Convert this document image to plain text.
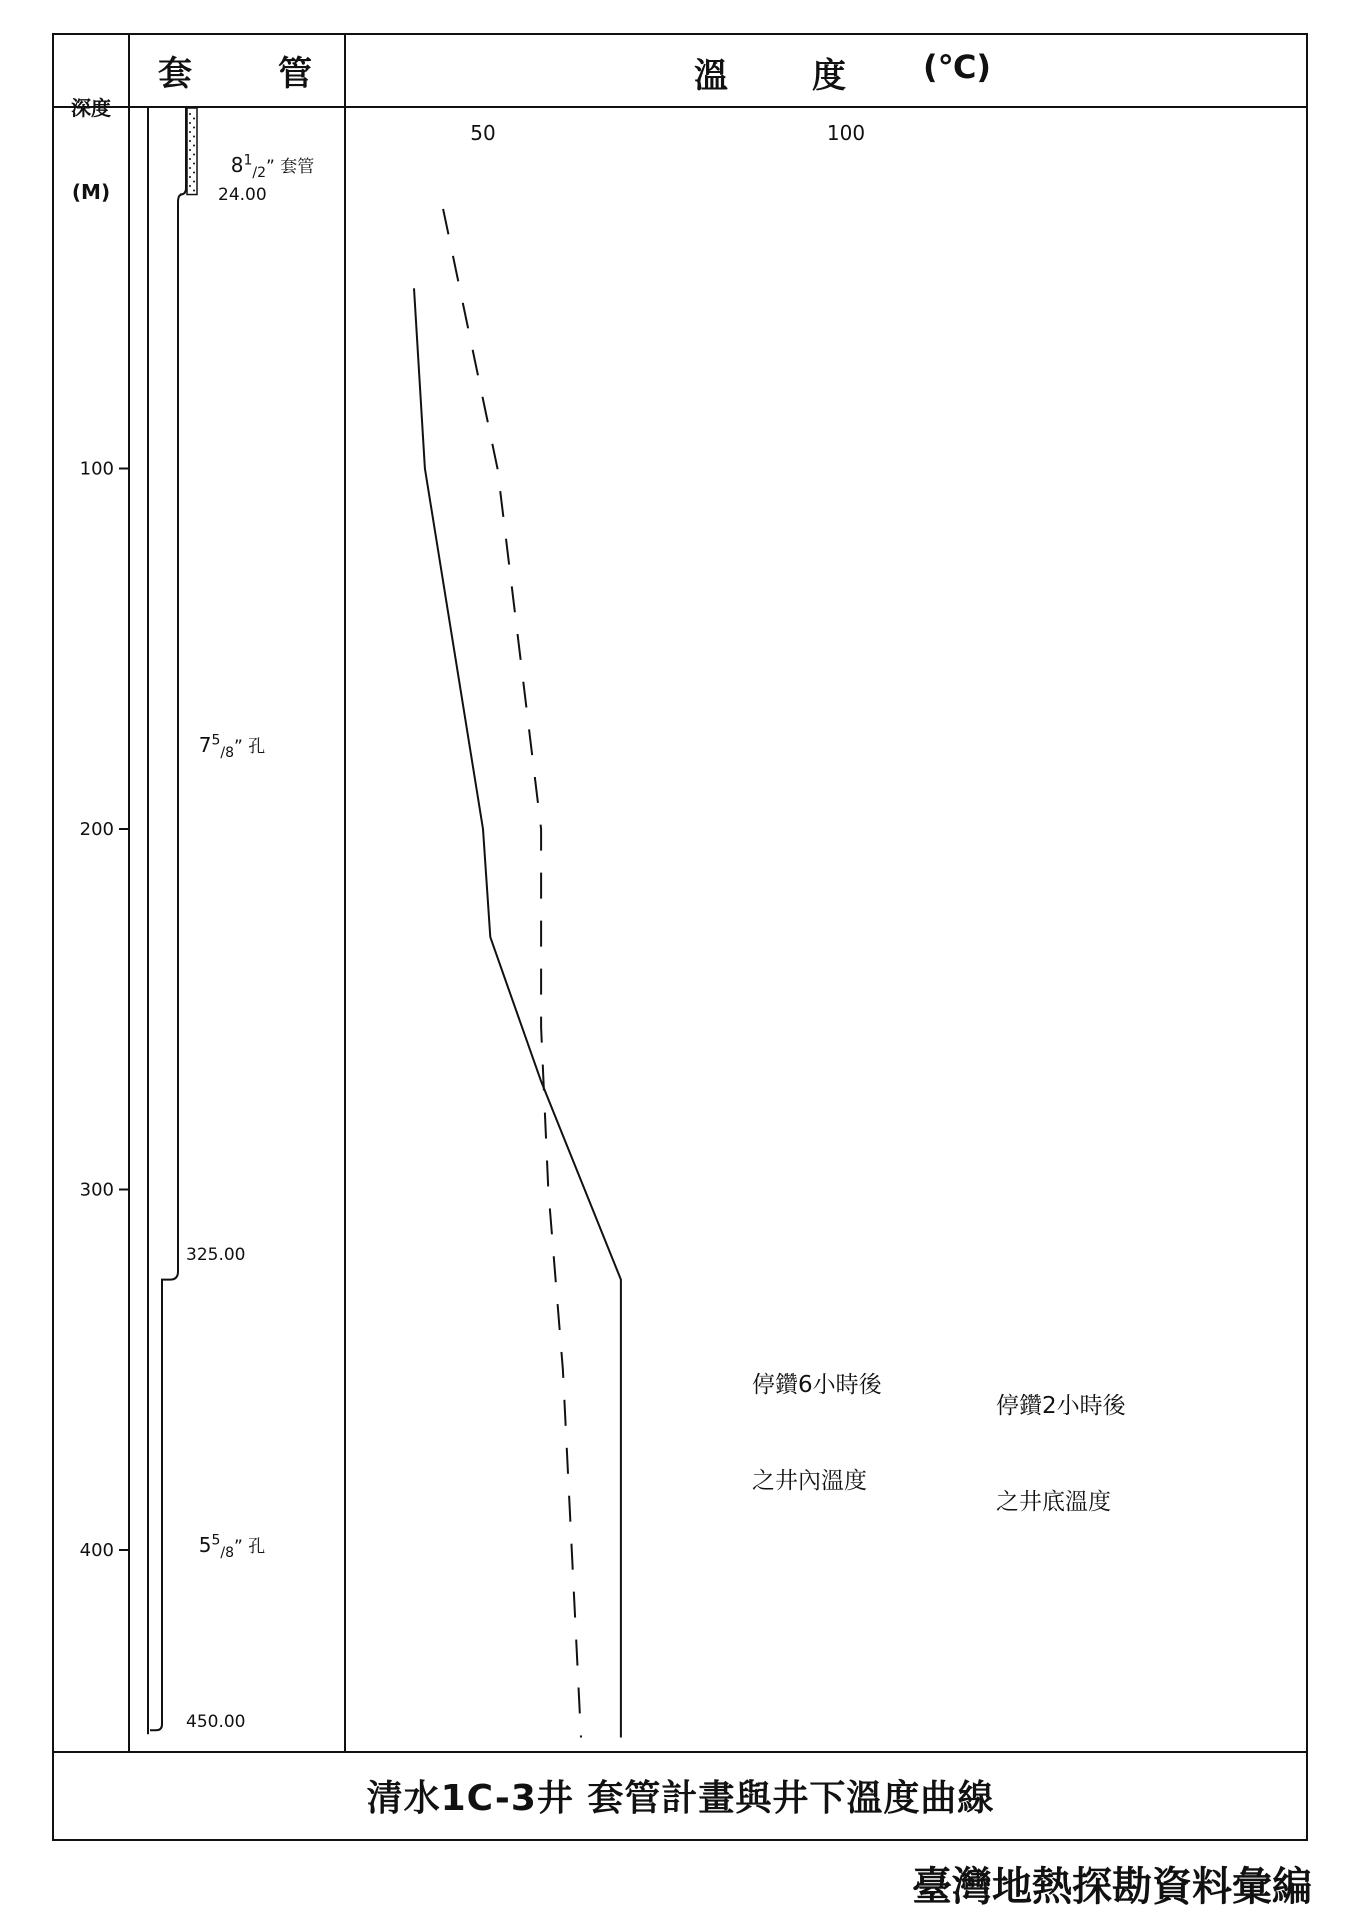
100
200
300
400
50	100

深度

(M)

套	管	溫 度 (℃)

$8^1_{/2}$” 套管

24.00

$7^5_{/8}$” 孔

325.00

$5^5_{/8}$” 孔

450.00

停鑽6小時後

之井內溫度

停鑽2小時後

之井底溫度

清水1C-3井 套管計畫與井下溫度曲線
臺灣地熱探勘資料彙編
